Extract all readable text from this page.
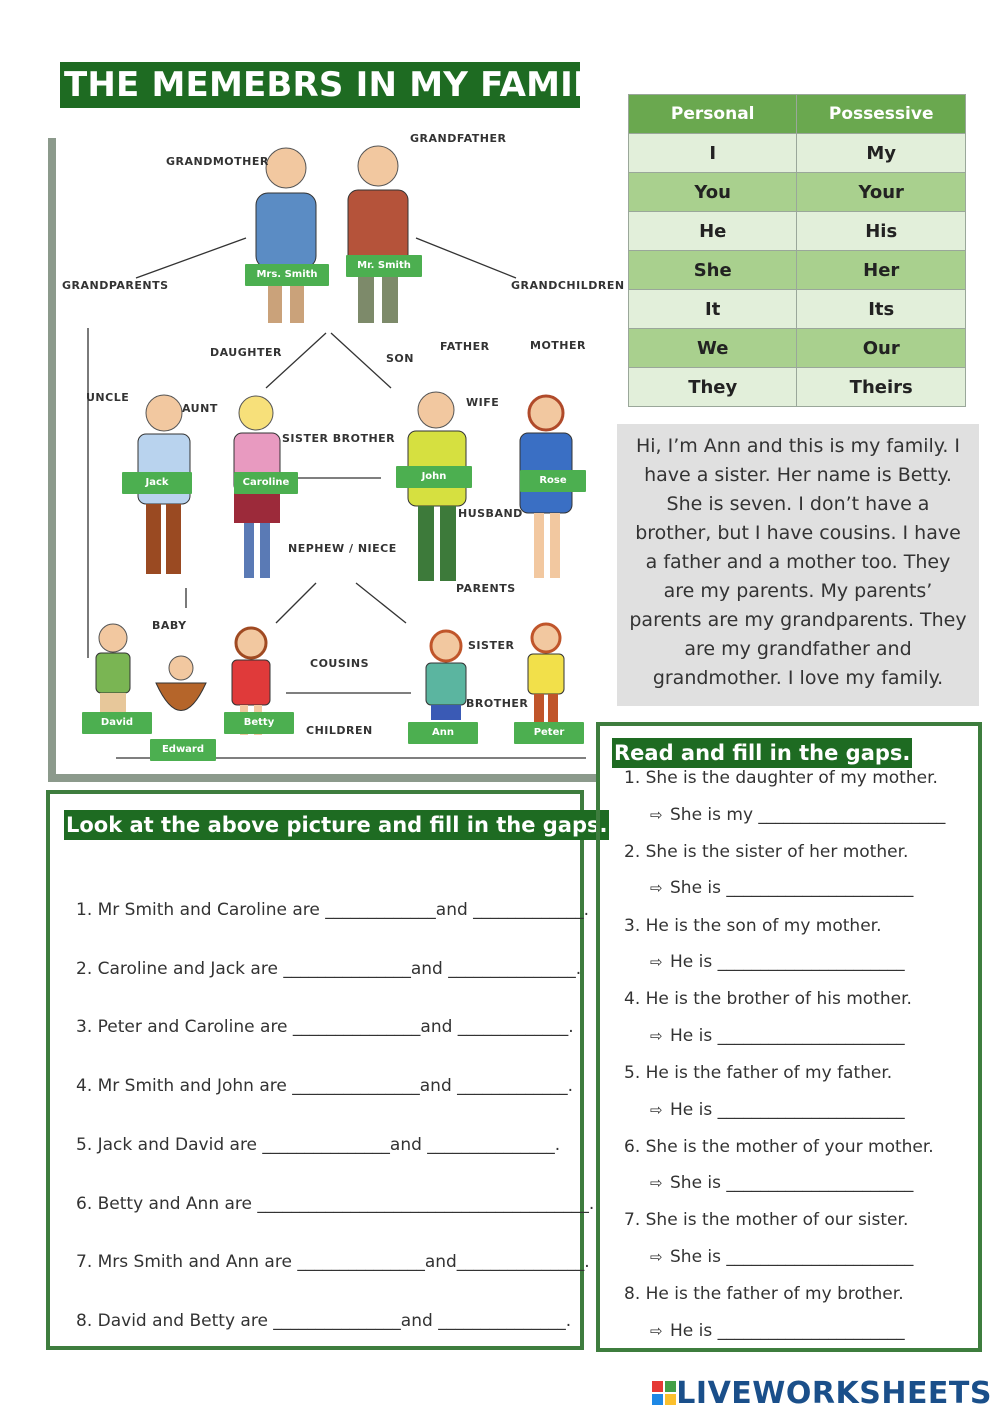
THE MEMEBRS IN MY FAMILY
GRANDFATHER
GRANDMOTHER
GRANDPARENTS	GRANDCHILDREN
DAUGHTER	SON
FATHER	MOTHER
UNCLE
AUNT
SISTER BROTHER
WIFE
HUSBAND
NEPHEW / NIECE
PARENTS
BABY
COUSINS
SISTER
BROTHER
CHILDREN
Mrs. Smith
Mr. Smith
Jack	Caroline
John	Rose
David
Edward
Betty
Ann	Peter
Personal	Possessive
I	My
You	Your
He	His
She	Her
It	Its
We	Our
They	Theirs
Hi, I’m Ann and this is my family. I have a sister. Her name is Betty. She is seven. I don’t have a brother, but I have cousins. I have a father and a mother too. They are my parents. My parents’ parents are my grandparents. They are my grandfather and grandmother. I love my family.
Look at the above picture and fill in the gaps.
1. Mr Smith and Caroline are _____________and _____________.
2. Caroline and Jack are _______________and _______________.
3. Peter and Caroline are _______________and _____________.
4. Mr Smith and John are _______________and _____________.
5. Jack and David are _______________and _______________.
6. Betty and Ann are _______________________________________.
7. Mrs Smith and Ann are _______________and_______________.
8. David and Betty are _______________and _______________.
Read and fill in the gaps.
1. She is the daughter of my mother.
⇨ She is my ______________________
2. She is the sister of her mother.
⇨ She is ______________________
3. He is the son of my mother.
⇨ He is ______________________
4. He is the brother of his mother.
⇨ He is ______________________
5. He is the father of my father.
⇨ He is ______________________
6. She is the mother of your mother.
⇨ She is ______________________
7. She is the mother of our sister.
⇨ She is ______________________
8. He is the father of my brother.
⇨ He is ______________________
LIVEWORKSHEETS
